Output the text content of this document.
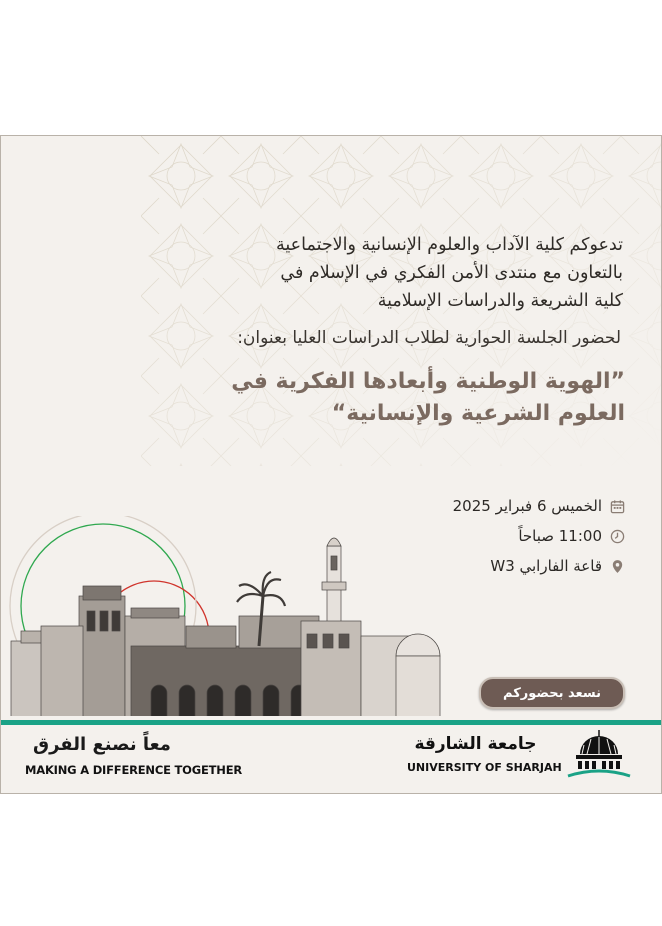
تدعوكم كلية الآداب والعلوم الإنسانية والاجتماعية
بالتعاون مع منتدى الأمن الفكري في الإسلام في
كلية الشريعة والدراسات الإسلامية
لحضور الجلسة الحوارية لطلاب الدراسات العليا بعنوان:
”الهوية الوطنية وأبعادها الفكرية في
العلوم الشرعية والإنسانية“
الخميس 6 فبراير 2025
11:00 صباحاً
قاعة الفارابي W3
نسعد بحضوركم
معاً نصنع الفرق
MAKING A DIFFERENCE TOGETHER
جامعة الشارقة
UNIVERSITY OF SHARJAH
